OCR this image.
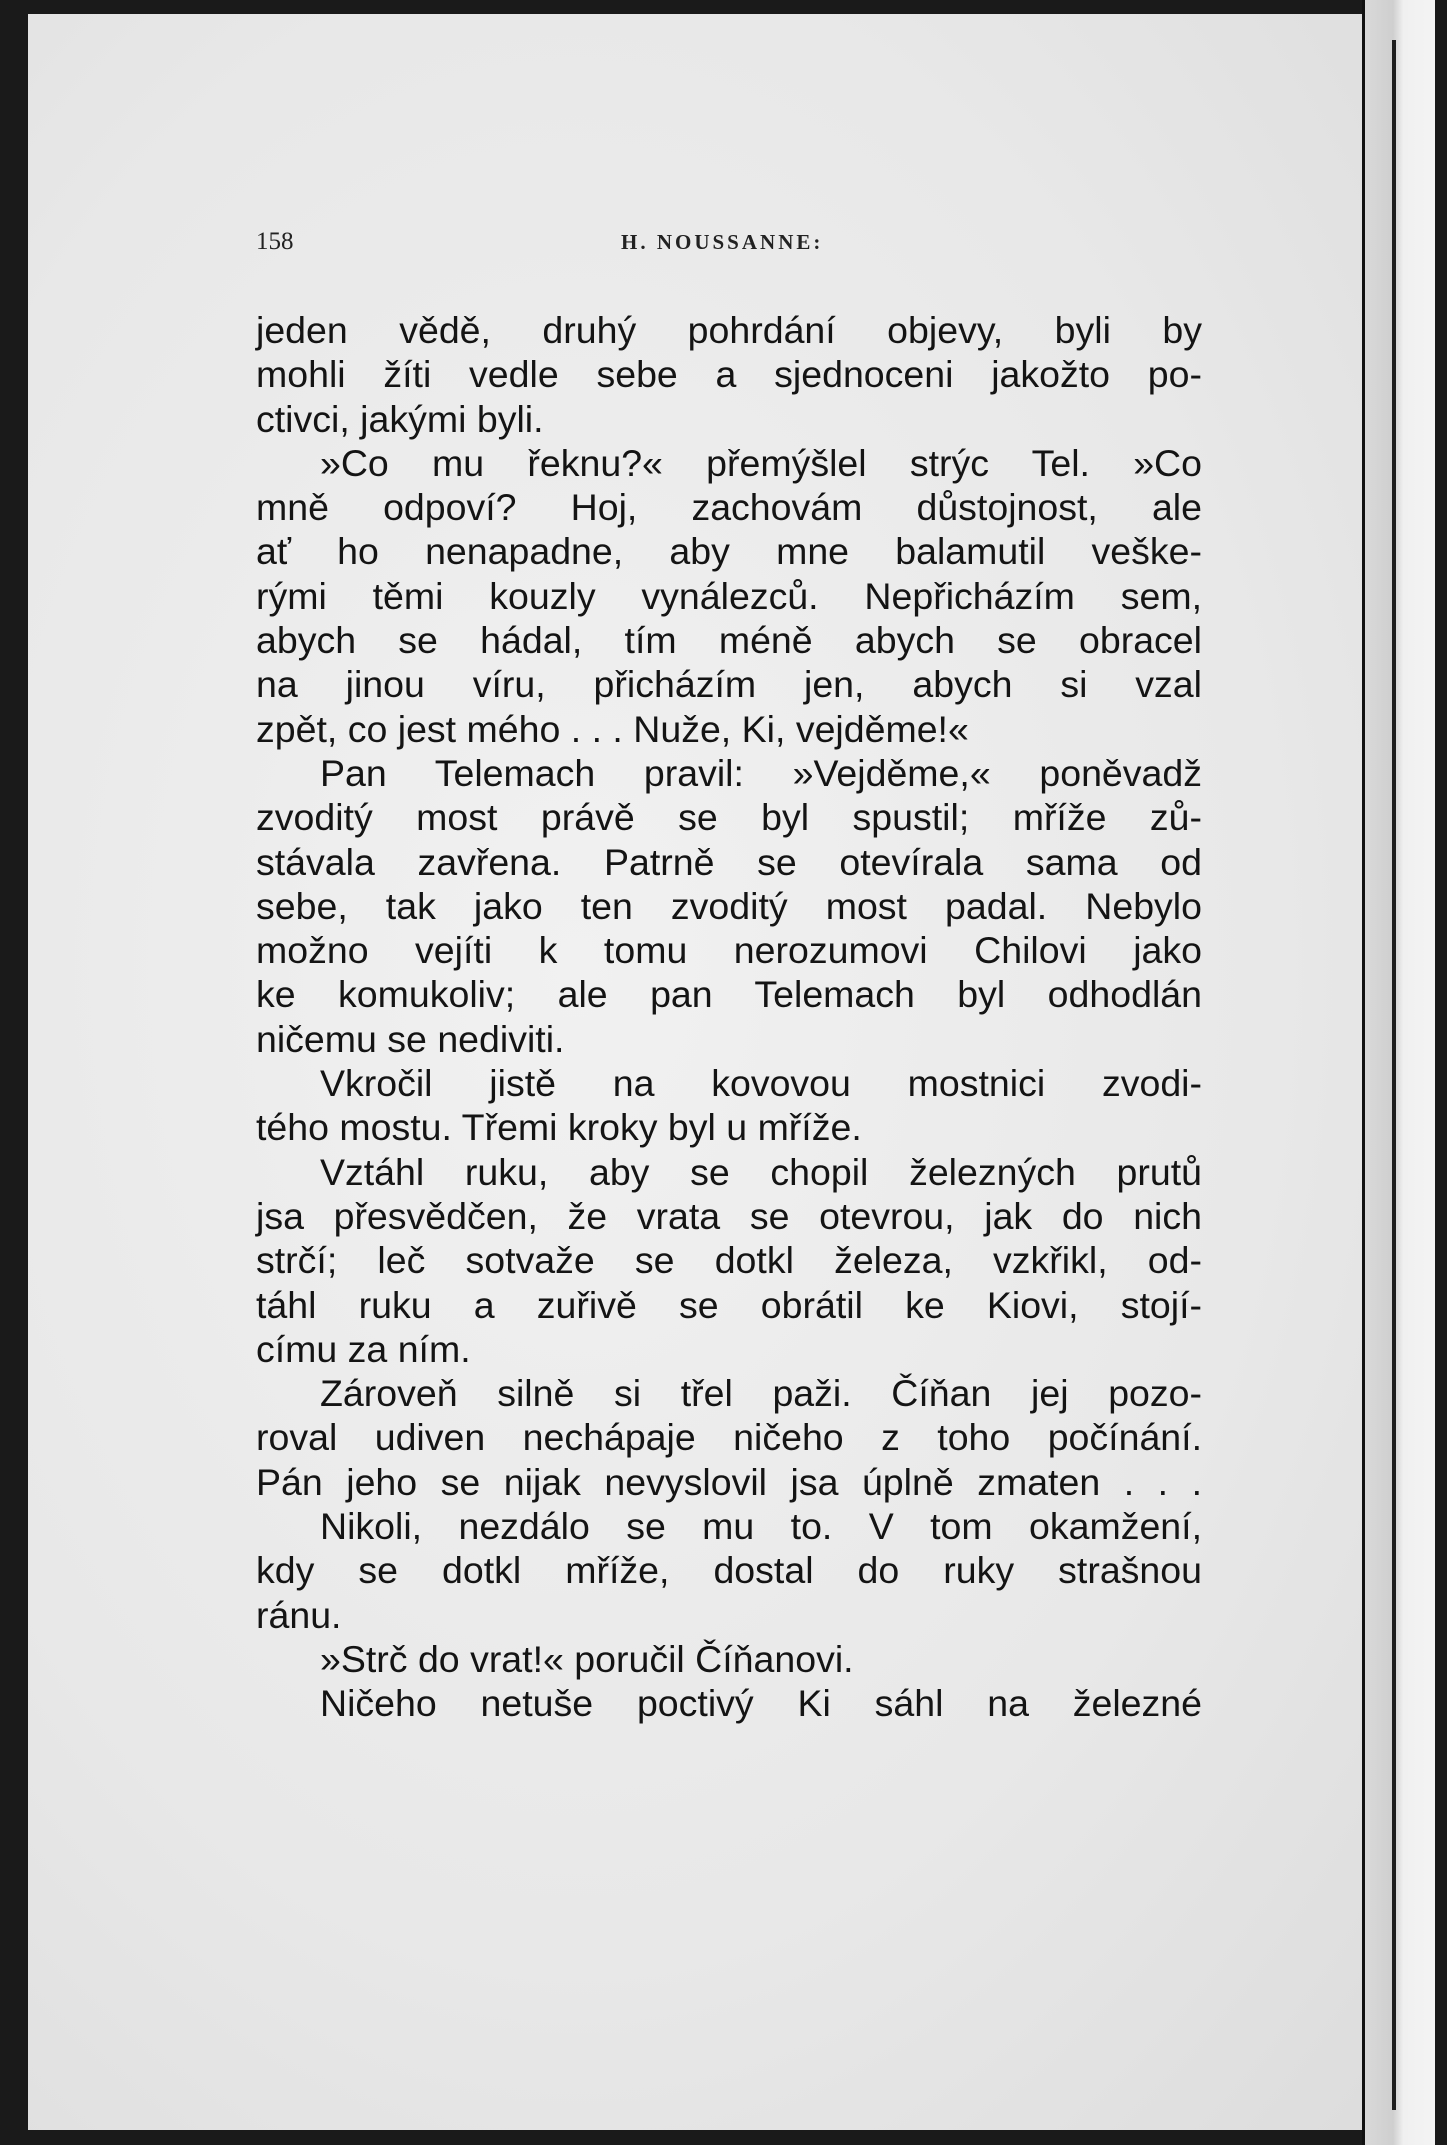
158	H. NOUSSANNE:
jeden vědě, druhý pohrdání objevy, byli by
mohli žíti vedle sebe a sjednoceni jakožto po-
ctivci, jakými byli.
»Co mu řeknu?« přemýšlel strýc Tel. »Co
mně odpoví? Hoj, zachovám důstojnost, ale
ať ho nenapadne, aby mne balamutil veške-
rými těmi kouzly vynálezců. Nepřicházím sem,
abych se hádal, tím méně abych se obracel
na jinou víru, přicházím jen, abych si vzal
zpět, co jest mého . . . Nuže, Ki, vejděme!«
Pan Telemach pravil: »Vejděme,« poněvadž
zvoditý most právě se byl spustil; mříže zů-
stávala zavřena. Patrně se otevírala sama od
sebe, tak jako ten zvoditý most padal. Nebylo
možno vejíti k tomu nerozumovi Chilovi jako
ke komukoliv; ale pan Telemach byl odhodlán
ničemu se nediviti.
Vkročil jistě na kovovou mostnici zvodi-
tého mostu. Třemi kroky byl u mříže.
Vztáhl ruku, aby se chopil železných prutů
jsa přesvědčen, že vrata se otevrou, jak do nich
strčí; leč sotvaže se dotkl železa, vzkřikl, od-
táhl ruku a zuřivě se obrátil ke Kiovi, stojí-
címu za ním.
Zároveň silně si třel paži. Číňan jej pozo-
roval udiven nechápaje ničeho z toho počínání.
Pán jeho se nijak nevyslovil jsa úplně zmaten . . .
Nikoli, nezdálo se mu to. V tom okamžení,
kdy se dotkl mříže, dostal do ruky strašnou
ránu.
»Strč do vrat!« poručil Číňanovi.
Ničeho netuše poctivý Ki sáhl na železné
